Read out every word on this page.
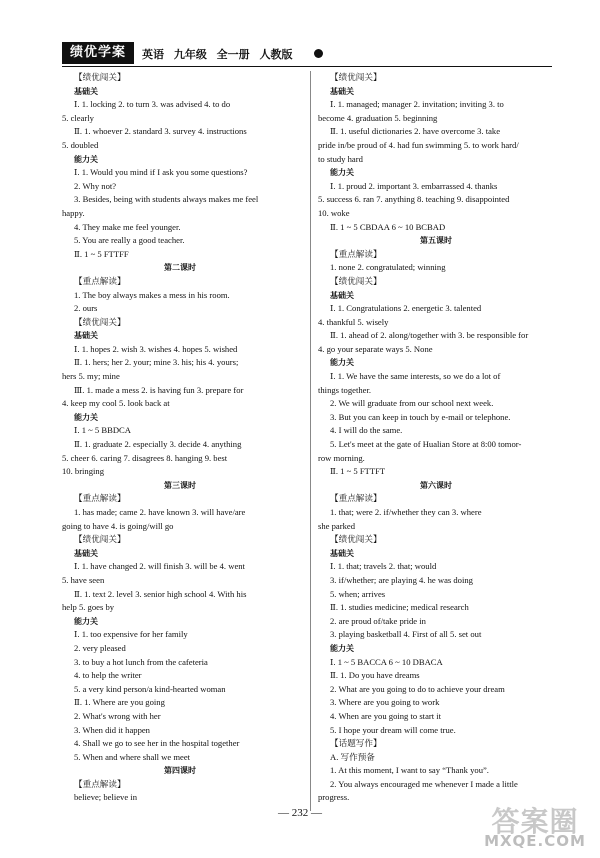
绩优学案	英语 九年级 全一册 人教版
【绩优闯关】
基础关
Ⅰ. 1. locking 2. to turn 3. was advised 4. to do
5. clearly
Ⅱ. 1. whoever 2. standard 3. survey 4. instructions
5. doubled
能力关
Ⅰ. 1. Would you mind if I ask you some questions?
2. Why not?
3. Besides, being with students always makes me feel
happy.
4. They make me feel younger.
5. You are really a good teacher.
Ⅱ. 1 ~ 5 FTTFF
第二课时
【重点解读】
1. The boy always makes a mess in his room.
2. ours
【绩优闯关】
基础关
Ⅰ. 1. hopes 2. wish 3. wishes 4. hopes 5. wished
Ⅱ. 1. hers; her 2. your; mine 3. his; his 4. yours;
hers 5. my; mine
Ⅲ. 1. made a mess 2. is having fun 3. prepare for
4. keep my cool 5. look back at
能力关
Ⅰ. 1 ~ 5 BBDCA
Ⅱ. 1. graduate 2. especially 3. decide 4. anything
5. cheer 6. caring 7. disagrees 8. hanging 9. best
10. bringing
第三课时
【重点解读】
1. has made; came 2. have known 3. will have/are
going to have 4. is going/will go
【绩优闯关】
基础关
Ⅰ. 1. have changed 2. will finish 3. will be 4. went
5. have seen
Ⅱ. 1. text 2. level 3. senior high school 4. With his
help 5. goes by
能力关
Ⅰ. 1. too expensive for her family
2. very pleased
3. to buy a hot lunch from the cafeteria
4. to help the writer
5. a very kind person/a kind-hearted woman
Ⅱ. 1. Where are you going
2. What's wrong with her
3. When did it happen
4. Shall we go to see her in the hospital together
5. When and where shall we meet
第四课时
【重点解读】
believe; believe in
【绩优闯关】
基础关
Ⅰ. 1. managed; manager 2. invitation; inviting 3. to
become 4. graduation 5. beginning
Ⅱ. 1. useful dictionaries 2. have overcome 3. take
pride in/be proud of 4. had fun swimming 5. to work hard/
to study hard
能力关
Ⅰ. 1. proud 2. important 3. embarrassed 4. thanks
5. success 6. ran 7. anything 8. teaching 9. disappointed
10. woke
Ⅱ. 1 ~ 5 CBDAA 6 ~ 10 BCBAD
第五课时
【重点解读】
1. none 2. congratulated; winning
【绩优闯关】
基础关
Ⅰ. 1. Congratulations 2. energetic 3. talented
4. thankful 5. wisely
Ⅱ. 1. ahead of 2. along/together with 3. be responsible for
4. go your separate ways 5. None
能力关
Ⅰ. 1. We have the same interests, so we do a lot of
things together.
2. We will graduate from our school next week.
3. But you can keep in touch by e-mail or telephone.
4. I will do the same.
5. Let's meet at the gate of Hualian Store at 8:00 tomor-
row morning.
Ⅱ. 1 ~ 5 FTTFT
第六课时
【重点解读】
1. that; were 2. if/whether they can 3. where
she parked
【绩优闯关】
基础关
Ⅰ. 1. that; travels 2. that; would
3. if/whether; are playing 4. he was doing
5. when; arrives
Ⅱ. 1. studies medicine; medical research
2. are proud of/take pride in
3. playing basketball 4. First of all 5. set out
能力关
Ⅰ. 1 ~ 5 BACCA 6 ~ 10 DBACA
Ⅱ. 1. Do you have dreams
2. What are you going to do to achieve your dream
3. Where are you going to work
4. When are you going to start it
5. I hope your dream will come true.
【话题写作】
A. 写作预备
1. At this moment, I want to say “Thank you”.
2. You always encouraged me whenever I made a little
progress.
— 232 —	答案圈
MXQE.COM
